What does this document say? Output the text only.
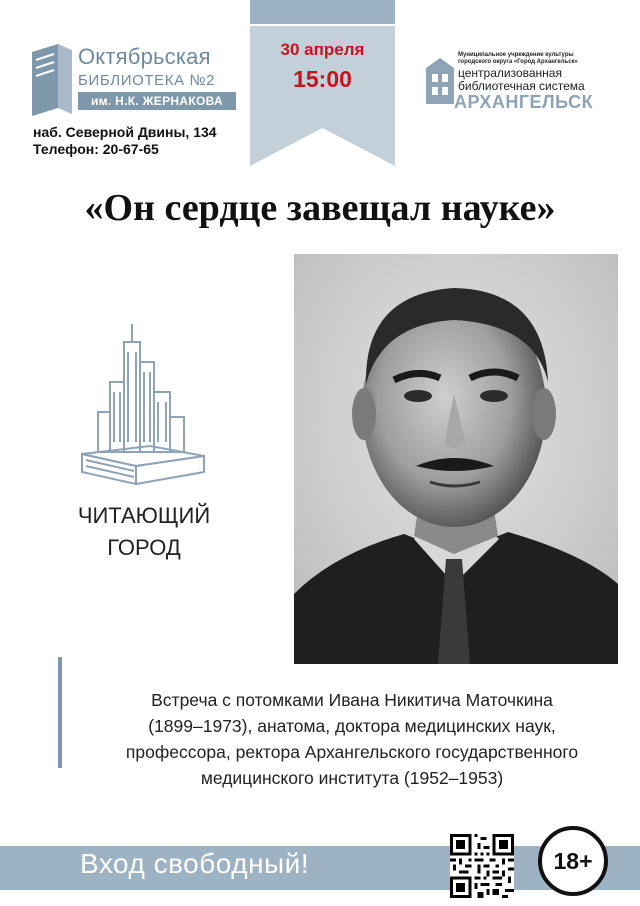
Октябрьская
БИБЛИОТЕКА №2
им. Н.К. ЖЕРНАКОВА
наб. Северной Двины, 134
Телефон: 20-67-65
30 апреля
15:00
Муниципальное учреждение культуры
городского округа «Город Архангельск»
централизованная
библиотечная система
АРХАНГЕЛЬСК
«Он сердце завещал науке»
ЧИТАЮЩИЙ
ГОРОД
Встреча с потомками Ивана Никитича Маточкина
(1899–1973), анатома, доктора медицинских наук,
профессора, ректора Архангельского государственного
медицинского института (1952–1953)
Вход свободный!	18+
